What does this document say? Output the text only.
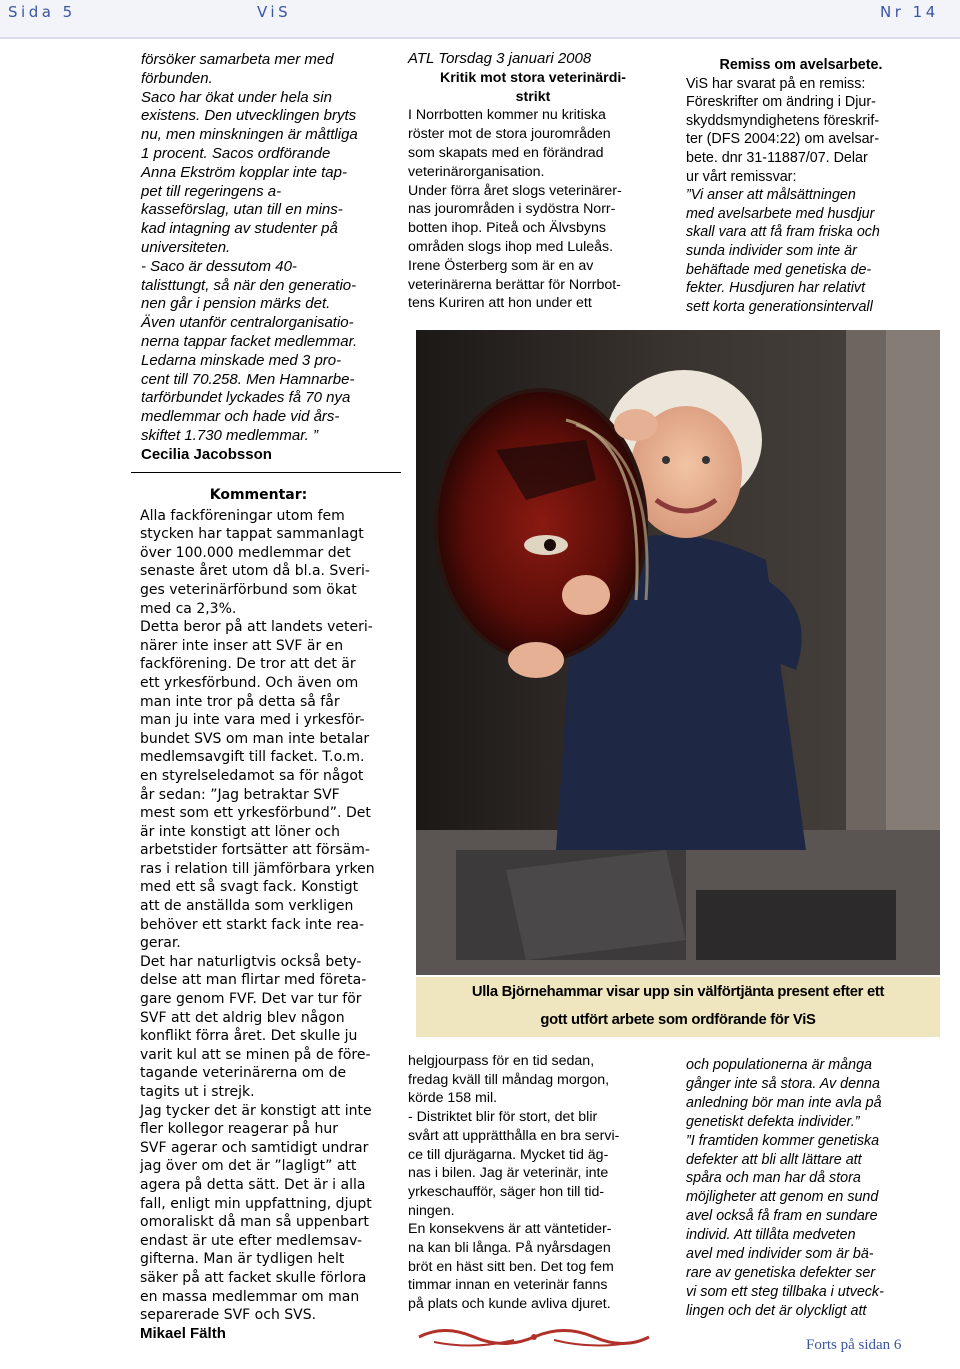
Sida 5	ViS	Nr 14

försöker samarbeta mer med

förbunden.

Saco har ökat under hela sin

existens. Den utvecklingen bryts

nu, men minskningen är måttliga

1 procent. Sacos ordförande

Anna Ekström kopplar inte tap-

pet till regeringens a-

kasseförslag, utan till en mins-

kad intagning av studenter på

universiteten.

- Saco är dessutom 40-

talisttungt, så när den generatio-

nen går i pension märks det.

Även utanför centralorganisatio-

nerna tappar facket medlemmar.

Ledarna minskade med 3 pro-

cent till 70.258. Men Hamnarbe-

tarförbundet lyckades få 70 nya

medlemmar och hade vid års-

skiftet 1.730 medlemmar. ”

Cecilia Jacobsson

Kommentar:

Alla fackföreningar utom fem

stycken har tappat sammanlagt

över 100.000 medlemmar det

senaste året utom då bl.a. Sveri-

ges veterinärförbund som ökat

med ca 2,3%.

Detta beror på att landets veteri-

närer inte inser att SVF är en

fackförening. De tror att det är

ett yrkesförbund. Och även om

man inte tror på detta så får

man ju inte vara med i yrkesför-

bundet SVS om man inte betalar

medlemsavgift till facket. T.o.m.

en styrelseledamot sa för något

år sedan: ”Jag betraktar SVF

mest som ett yrkesförbund”. Det

är inte konstigt att löner och

arbetstider fortsätter att försäm-

ras i relation till jämförbara yrken

med ett så svagt fack. Konstigt

att de anställda som verkligen

behöver ett starkt fack inte rea-

gerar.

Det har naturligtvis också bety-

delse att man flirtar med företa-

gare genom FVF. Det var tur för

SVF att det aldrig blev någon

konflikt förra året. Det skulle ju

varit kul att se minen på de före-

tagande veterinärerna om de

tagits ut i strejk.

Jag tycker det är konstigt att inte

fler kollegor reagerar på hur

SVF agerar och samtidigt undrar

jag över om det är ”lagligt” att

agera på detta sätt. Det är i alla

fall, enligt min uppfattning, djupt

omoraliskt då man så uppenbart

endast är ute efter medlemsav-

gifterna. Man är tydligen helt

säker på att facket skulle förlora

en massa medlemmar om man

separerade SVF och SVS.

Mikael Fälth

ATL Torsdag 3 januari 2008

Kritik mot stora veterinärdi-

strikt

I Norrbotten kommer nu kritiska

röster mot de stora jourområden

som skapats med en förändrad

veterinärorganisation.

Under förra året slogs veterinärer-

nas jourområden i sydöstra Norr-

botten ihop. Piteå och Älvsbyns

områden slogs ihop med Luleås.

Irene Österberg som är en av

veterinärerna berättar för Norrbot-

tens Kuriren att hon under ett

Remiss om avelsarbete.

ViS har svarat på en remiss:

Föreskrifter om ändring i Djur-

skyddsmyndighetens föreskrif-

ter (DFS 2004:22) om avelsar-

bete. dnr 31-11887/07. Delar

ur vårt remissvar:

”Vi anser att målsättningen

med avelsarbete med husdjur

skall vara att få fram friska och

sunda individer som inte är

behäftade med genetiska de-

fekter. Husdjuren har relativt

sett korta generationsintervall

Ulla Björnehammar visar upp sin välförtjänta present efter ett
gott utfört arbete som ordförande för ViS

helgjourpass för en tid sedan,

fredag kväll till måndag morgon,

körde 158 mil.

- Distriktet blir för stort, det blir

svårt att upprätthålla en bra servi-

ce till djurägarna. Mycket tid äg-

nas i bilen. Jag är veterinär, inte

yrkeschaufför, säger hon till tid-

ningen.

En konsekvens är att väntetider-

na kan bli långa. På nyårsdagen

bröt en häst sitt ben. Det tog fem

timmar innan en veterinär fanns

på plats och kunde avliva djuret.

och populationerna är många

gånger inte så stora. Av denna

anledning bör man inte avla på

genetiskt defekta individer.”

”I framtiden kommer genetiska

defekter att bli allt lättare att

spåra och man har då stora

möjligheter att genom en sund

avel också få fram en sundare

individ. Att tillåta medveten

avel med individer som är bä-

rare av genetiska defekter ser

vi som ett steg tillbaka i utveck-

lingen och det är olyckligt att

Forts på sidan 6
